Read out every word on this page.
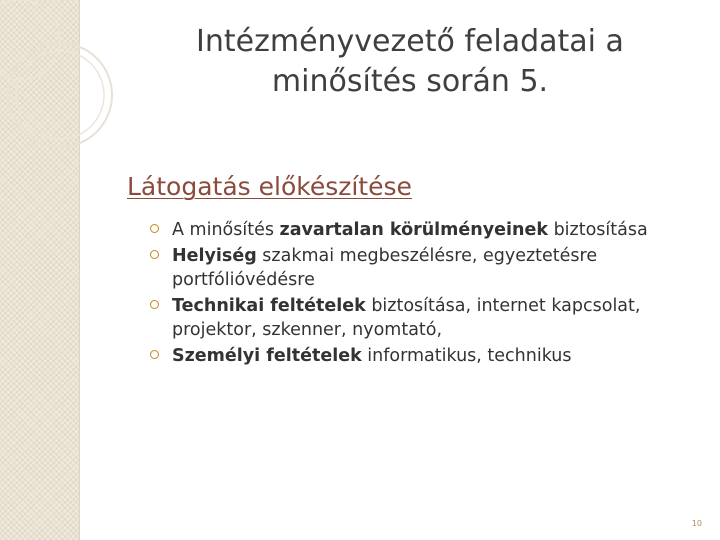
Intézményvezető feladatai a
minősítés során 5.
Látogatás előkészítése
A minősítés zavartalan körülményeinek biztosítása
Helyiség szakmai megbeszélésre, egyeztetésre portfólióvédésre
Technikai feltételek biztosítása, internet kapcsolat, projektor, szkenner, nyomtató,
Személyi feltételek informatikus, technikus
10
